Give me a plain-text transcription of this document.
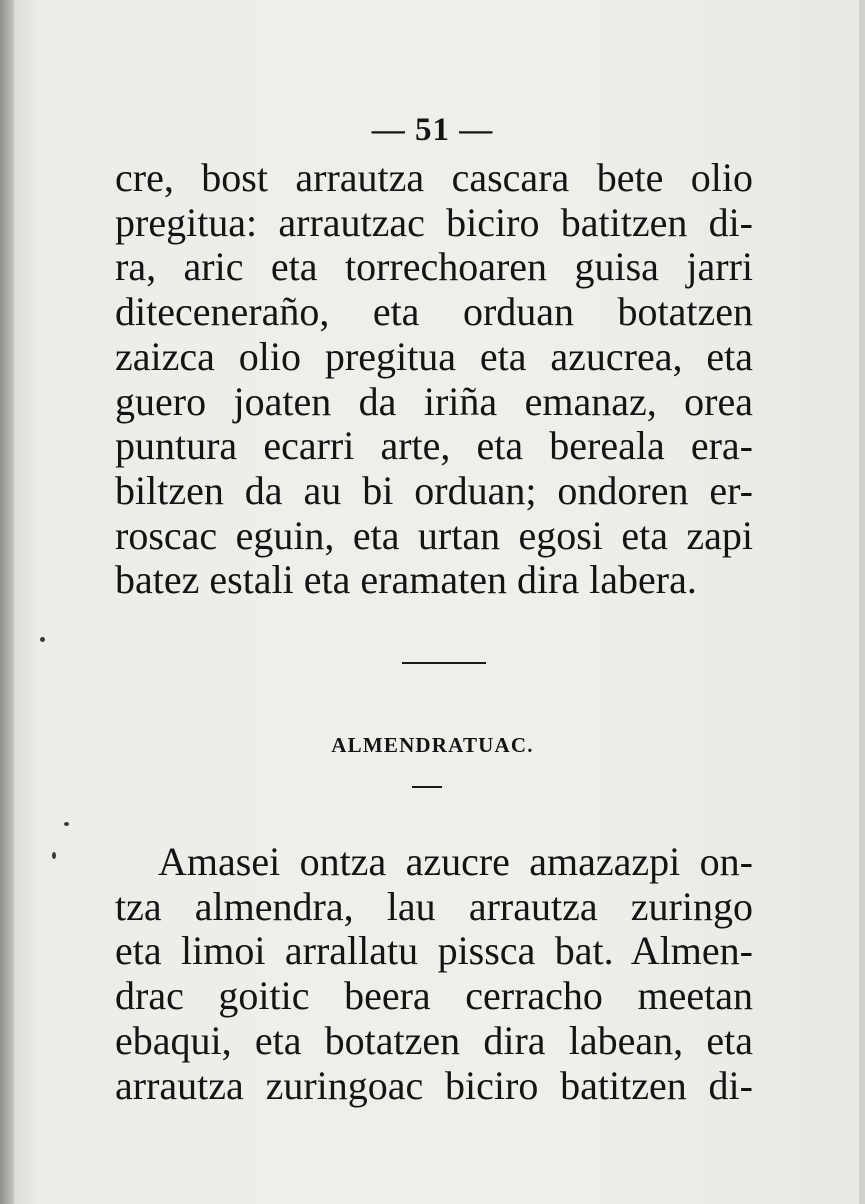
— 51 —
cre, bost arrautza cascara bete olio
pregitua: arrautzac biciro batitzen di-
ra, aric eta torrechoaren guisa jarri
ditecenerañо, eta orduan botatzen
zaizca olio pregitua eta azucrea, eta
guero joaten da iriña emanaz, orea
puntura ecarri arte, eta bereala era-
biltzen da au bi orduan; ondoren er-
roscac eguin, eta urtan egosi eta zapi
batez estali eta eramaten dira labera.
ALMENDRATUAC.
Amasei ontza azucre amazazpi on-
tza almendra, lau arrautza zuringo
eta limoi arrallatu pissca bat. Almen-
drac goitic beera cerracho meetan
ebaqui, eta botatzen dira labean, eta
arrautza zuringoac biciro batitzen di-
